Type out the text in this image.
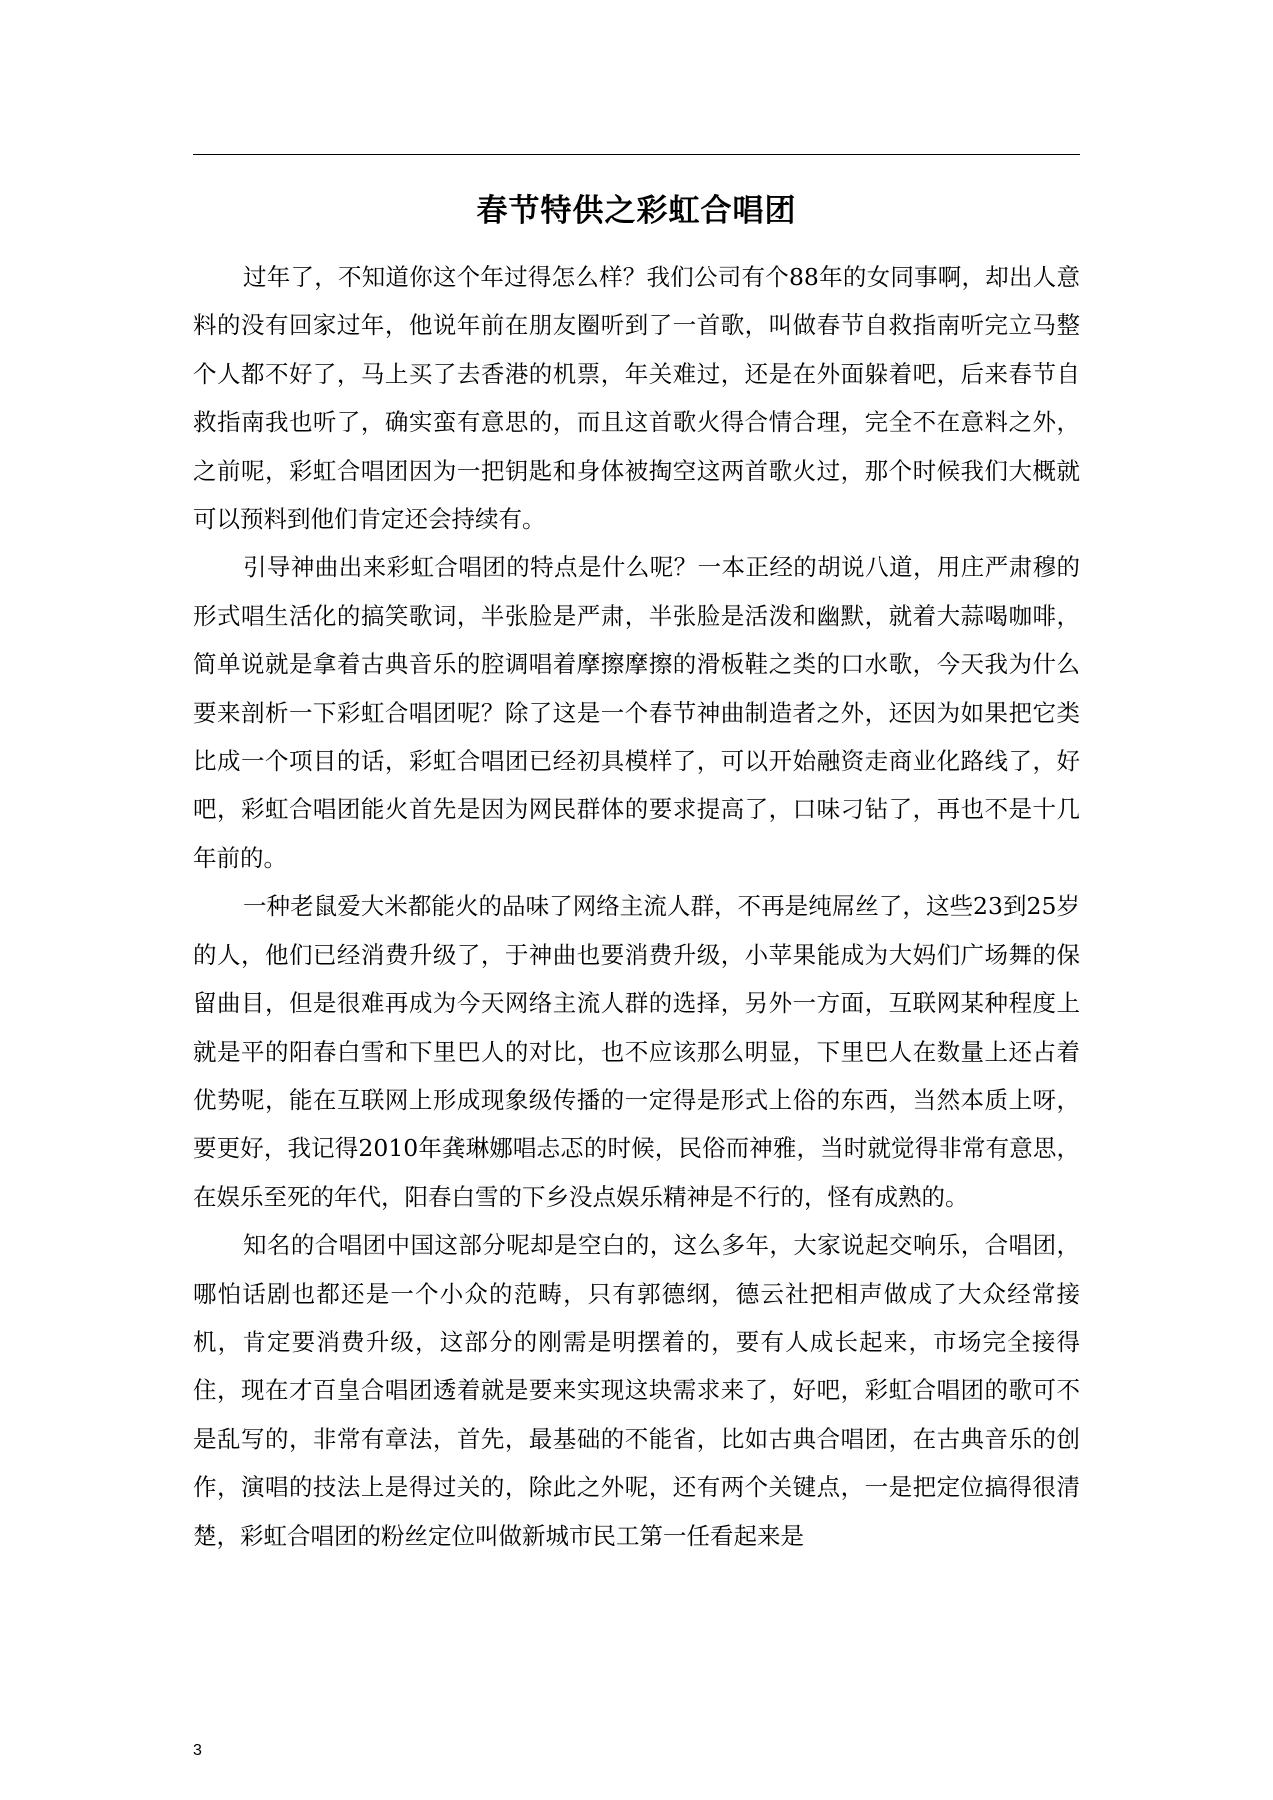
春节特供之彩虹合唱团

过年了，不知道你这个年过得怎么样？我们公司有个88年的女同事啊，却出人意料的没有回家过年，他说年前在朋友圈听到了一首歌，叫做春节自救指南听完立马整个人都不好了，马上买了去香港的机票，年关难过，还是在外面躲着吧，后来春节自救指南我也听了，确实蛮有意思的，而且这首歌火得合情合理，完全不在意料之外，之前呢，彩虹合唱团因为一把钥匙和身体被掏空这两首歌火过，那个时候我们大概就可以预料到他们肯定还会持续有。

引导神曲出来彩虹合唱团的特点是什么呢？一本正经的胡说八道，用庄严肃穆的形式唱生活化的搞笑歌词，半张脸是严肃，半张脸是活泼和幽默，就着大蒜喝咖啡，简单说就是拿着古典音乐的腔调唱着摩擦摩擦的滑板鞋之类的口水歌，今天我为什么要来剖析一下彩虹合唱团呢？除了这是一个春节神曲制造者之外，还因为如果把它类比成一个项目的话，彩虹合唱团已经初具模样了，可以开始融资走商业化路线了，好吧，彩虹合唱团能火首先是因为网民群体的要求提高了，口味刁钻了，再也不是十几年前的。

一种老鼠爱大米都能火的品味了网络主流人群，不再是纯屌丝了，这些23到25岁的人，他们已经消费升级了，于神曲也要消费升级，小苹果能成为大妈们广场舞的保留曲目，但是很难再成为今天网络主流人群的选择，另外一方面，互联网某种程度上就是平的阳春白雪和下里巴人的对比，也不应该那么明显，下里巴人在数量上还占着优势呢，能在互联网上形成现象级传播的一定得是形式上俗的东西，当然本质上呀，要更好，我记得2010年龚琳娜唱忐忑的时候，民俗而神雅，当时就觉得非常有意思，在娱乐至死的年代，阳春白雪的下乡没点娱乐精神是不行的，怪有成熟的。

知名的合唱团中国这部分呢却是空白的，这么多年，大家说起交响乐，合唱团，哪怕话剧也都还是一个小众的范畴，只有郭德纲，德云社把相声做成了大众经常接机，肯定要消费升级，这部分的刚需是明摆着的，要有人成长起来，市场完全接得住，现在才百皇合唱团透着就是要来实现这块需求来了，好吧，彩虹合唱团的歌可不是乱写的，非常有章法，首先，最基础的不能省，比如古典合唱团，在古典音乐的创作，演唱的技法上是得过关的，除此之外呢，还有两个关键点，一是把定位搞得很清楚，彩虹合唱团的粉丝定位叫做新城市民工第一任看起来是

3
